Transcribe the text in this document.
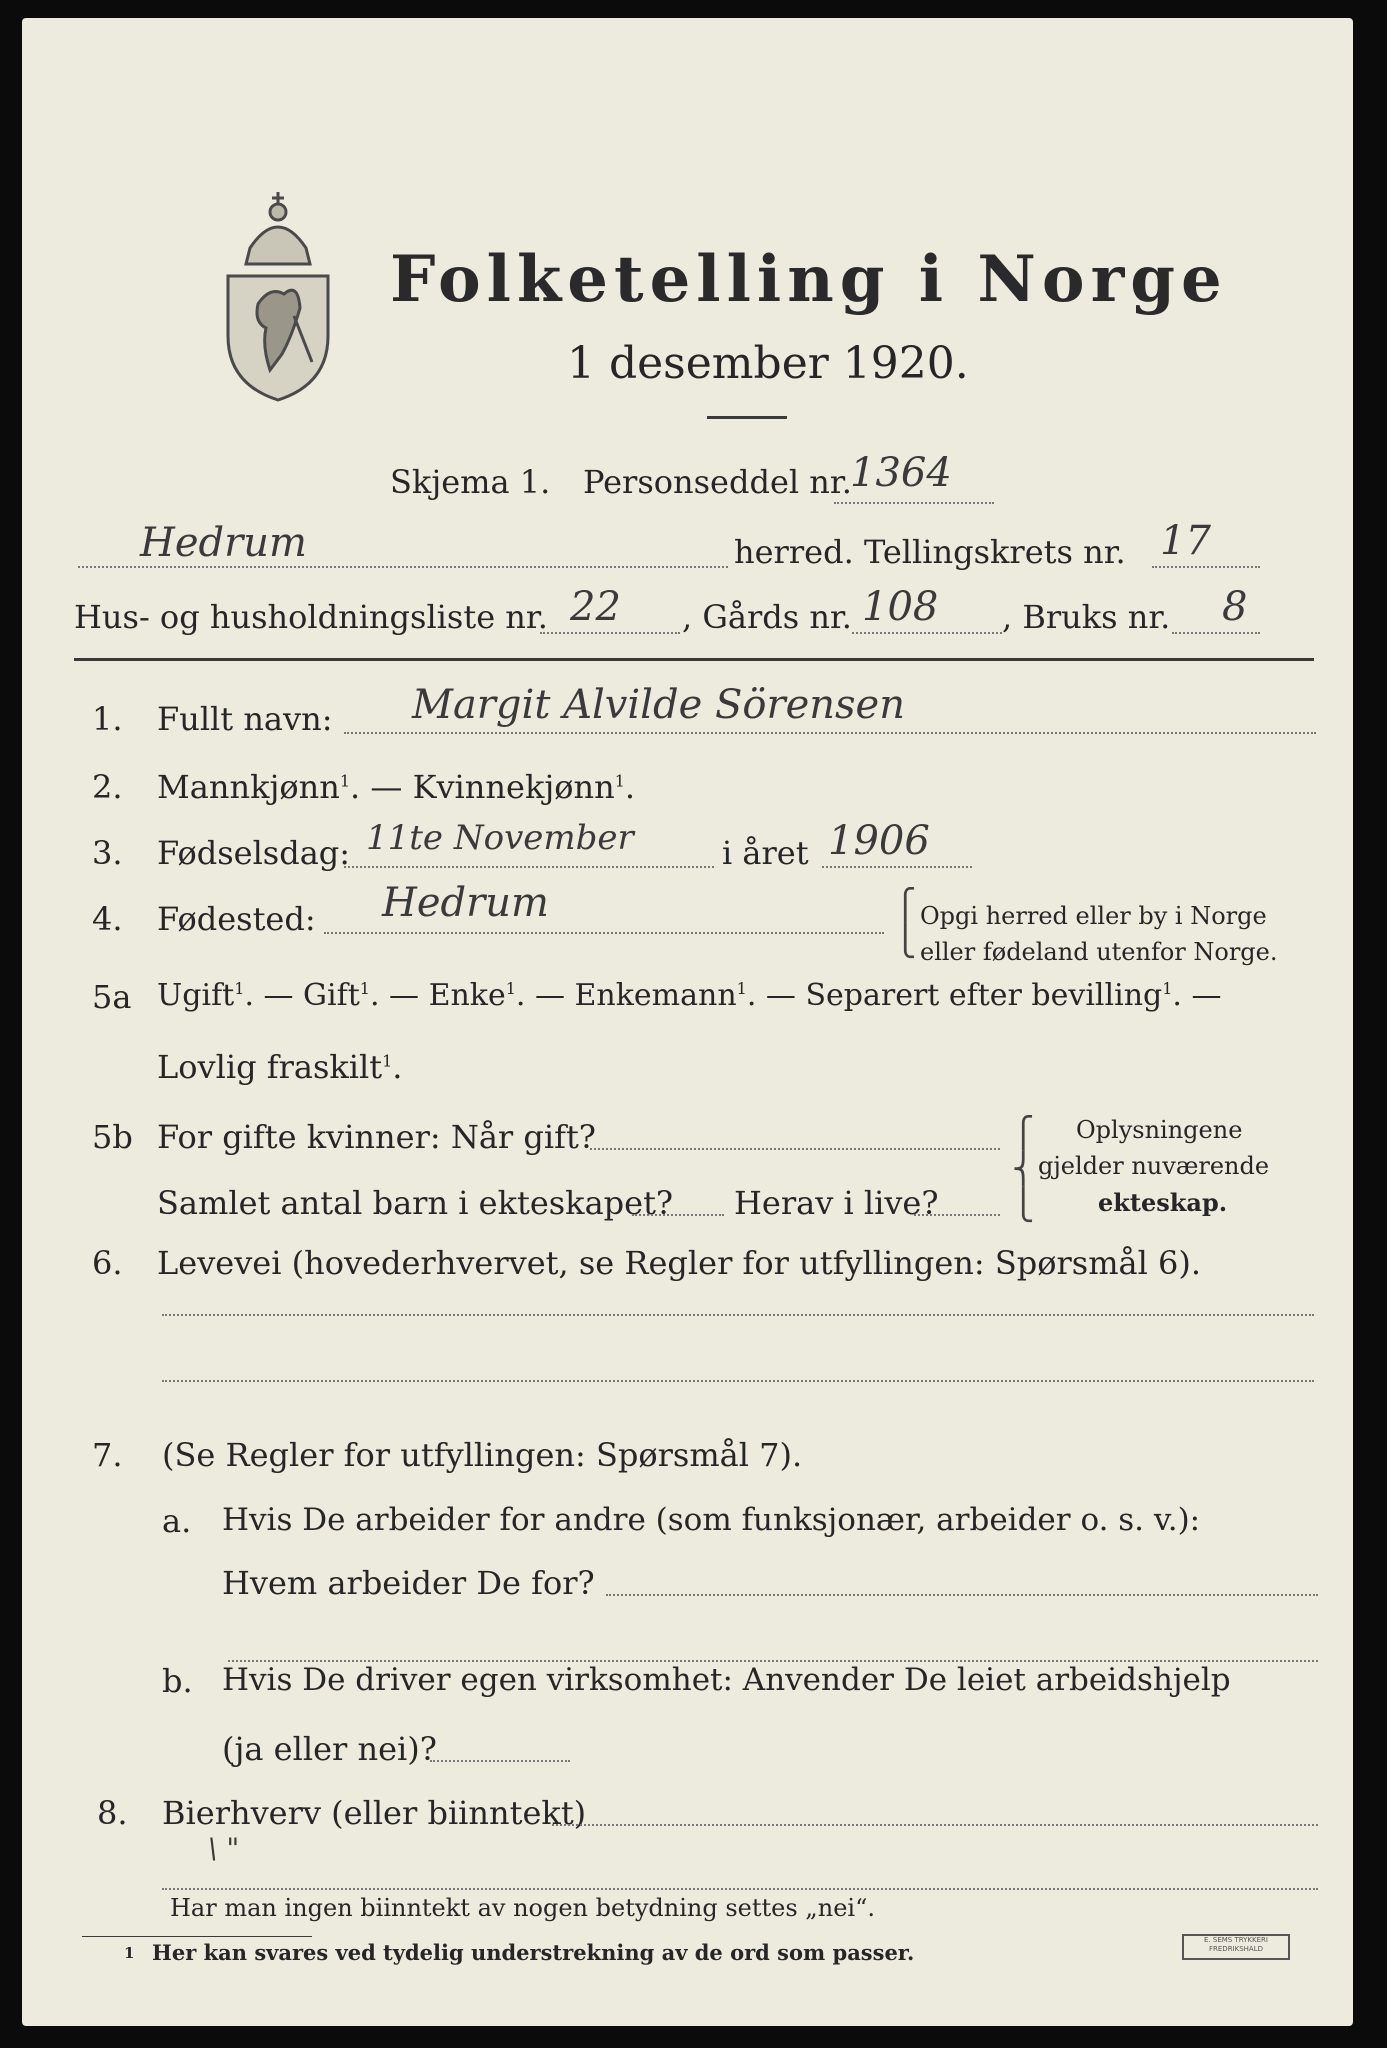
Folketelling i Norge
1 desember 1920.
Skjema 1. Personseddel nr.
1364
Hedrum	herred. Tellingskrets nr. 17
Hus- og husholdningsliste nr. 22 , Gårds nr. 108 , Bruks nr. 8
1. Fullt navn: Margit Alvilde Sörensen
2. Mannkjønn$^1$. — Kvinnekjønn$^1$.
3. Fødselsdag: 11te November	i året 1906
4. Fødested: Hedrum	⎧
⎩
Opgi herred eller by i Norge
eller fødeland utenfor Norge.
5a Ugift$^1$. — Gift$^1$. — Enke$^1$. — Enkemann$^1$. — Separert efter bevilling$^1$. —
Lovlig fraskilt$^1$.
5b For gifte kvinner: Når gift?
Samlet antal barn i ekteskapet? Herav i live?
⎧
⎨
⎩
Oplysningene
gjelder nuværende
ekteskap.
6. Levevei (hovederhvervet, se Regler for utfyllingen: Spørsmål 6).
7. (Se Regler for utfyllingen: Spørsmål 7).
a. Hvis De arbeider for andre (som funksjonær, arbeider o. s. v.):
Hvem arbeider De for?
b. Hvis De driver egen virksomhet: Anvender De leiet arbeidshjelp
(ja eller nei)?
8. Bierhverv (eller biinntekt)
\ "
Har man ingen biinntekt av nogen betydning settes „nei“.
1 Her kan svares ved tydelig understrekning av de ord som passer.	E. SEMS TRYKKERI FREDRIKSHALD
